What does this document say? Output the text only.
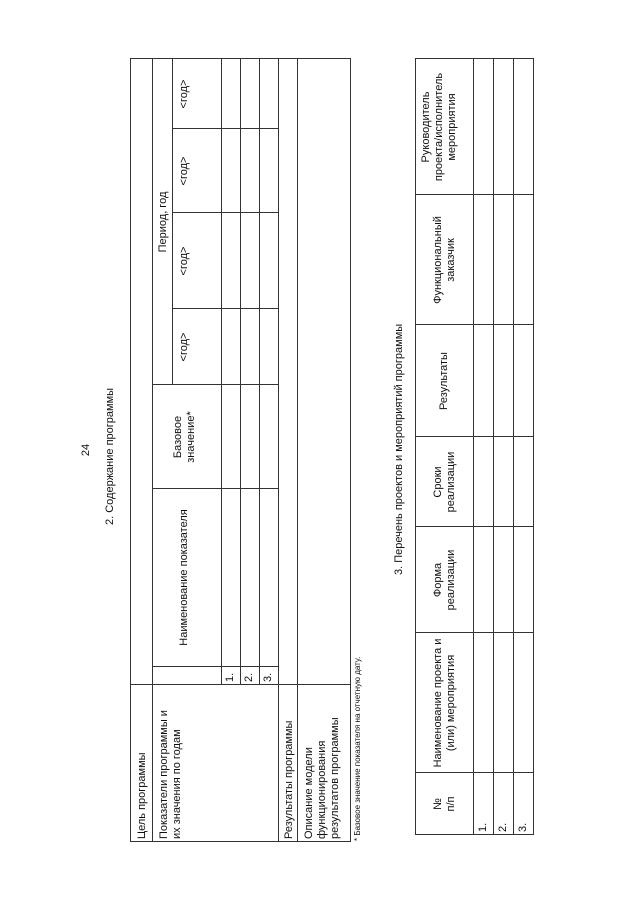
24 2. Содержание программы
Цель программы Показатели программы и их значения по годам	Результаты программы Описание модели функционирования результатов программы
Наименование показателя
Базовое значение*
Период, год
<год>
<год>
<год>
<год>
1. 2. 3.	* Базовое значение показателя на отчетную дату.
3. Перечень проектов и мероприятий программы
№ п/п
Наименование проекта и (или) мероприятия
Форма реализации
Сроки реализации
Результаты
Функциональный заказчик
Руководитель проекта/исполнитель мероприятия
1. 2. 3.
